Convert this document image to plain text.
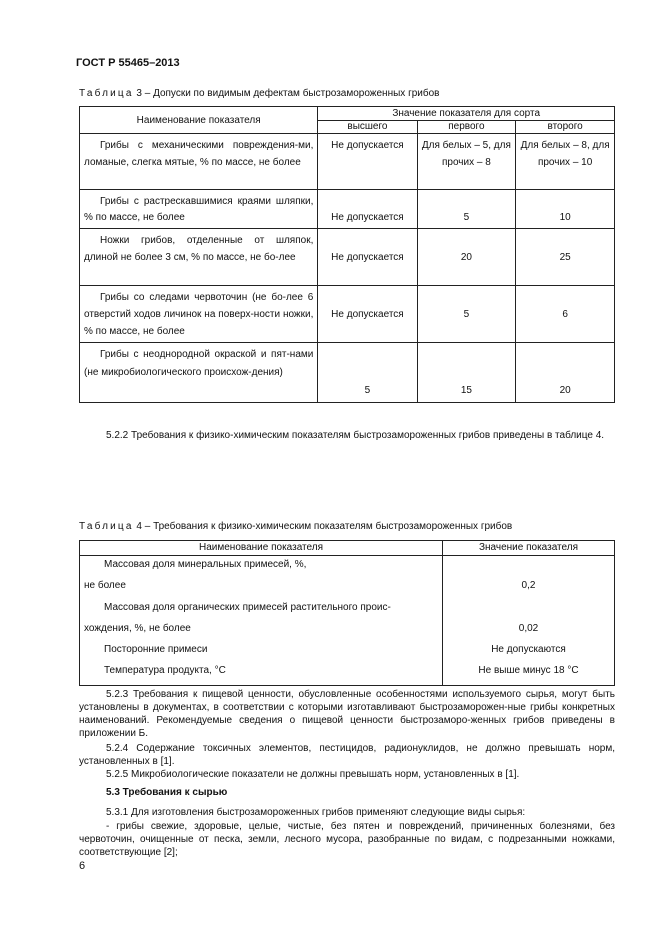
ГОСТ Р 55465–2013
Таблица 3 – Допуски по видимым дефектам быстрозамороженных грибов
Наименование показателя	Значение показателя для сорта		
	высшего	первого	второго
Грибы с механическими повреждения-ми, ломаные, слегка мятые, % по массе, не более	Не допускается	Для белых – 5, для прочих – 8	Для белых – 8, для прочих – 10
Грибы с растрескавшимися краями шляпки, % по массе, не более	Не допускается	5	10
Ножки грибов, отделенные от шляпок, длиной не более 3 см, % по массе, не бо-лее	Не допускается	20	25
Грибы со следами червоточин (не бо-лее 6 отверстий ходов личинок на поверх-ности ножки, % по массе, не более	Не допускается	5	6
Грибы с неоднородной окраской и пят-нами (не микробиологического происхож-дения)	5	15	20

5.2.2 Требования к физико-химическим показателям быстрозамороженных грибов приведены в таблице 4.

Таблица 4 – Требования к физико-химическим показателям быстрозамороженных грибов
Наименование показателя	Значение показателя

Массовая доля минеральных примесей, %,
не более	0,2

Массовая доля органических примесей растительного проис-
хождения, %, не более	0,02
Посторонние примеси	Не допускаются
Температура продукта, °С	Не выше минус 18 °С

5.2.3 Требования к пищевой ценности, обусловленные особенностями используемого сырья, могут быть установлены в документах, в соответствии с которыми изготавливают быстрозаморожен-ные грибы конкретных наименований. Рекомендуемые сведения о пищевой ценности быстрозаморо-женных грибов приведены в приложении Б.

5.2.4 Содержание токсичных элементов, пестицидов, радионуклидов, не должно превышать норм, установленных в [1].

5.2.5 Микробиологические показатели не должны превышать норм, установленных в [1].

5.3 Требования к сырью

5.3.1 Для изготовления быстрозамороженных грибов применяют следующие виды сырья:

- грибы свежие, здоровые, целые, чистые, без пятен и повреждений, причиненных болезнями, без червоточин, очищенные от песка, земли, лесного мусора, разобранные по видам, с подрезанными ножками, соответствующие [2];

6
